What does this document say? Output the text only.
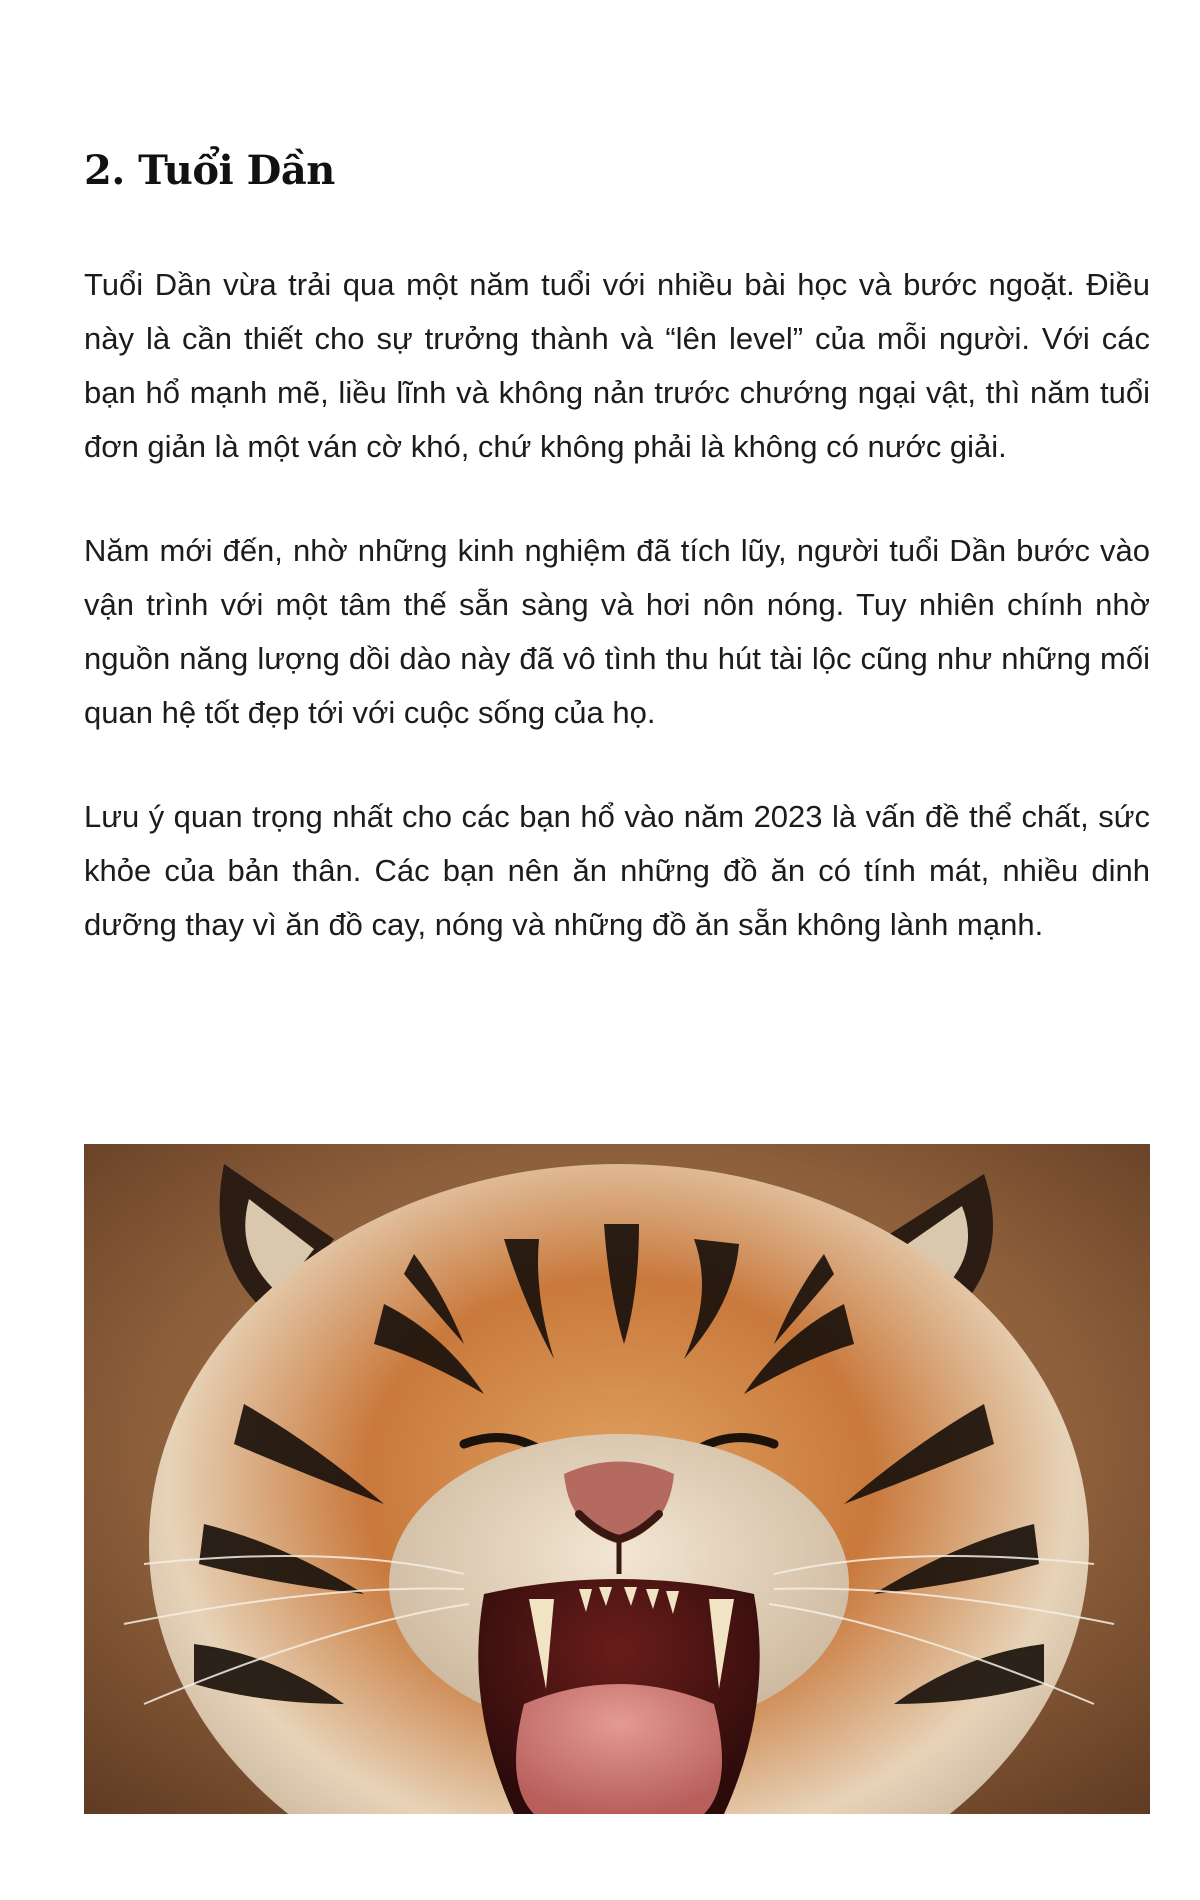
2. Tuổi Dần

Tuổi Dần vừa trải qua một năm tuổi với nhiều bài học và bước ngoặt. Điều này là cần thiết cho sự trưởng thành và “lên level” của mỗi người. Với các bạn hổ mạnh mẽ, liều lĩnh và không nản trước chướng ngại vật, thì năm tuổi đơn giản là một ván cờ khó, chứ không phải là không có nước giải.

Năm mới đến, nhờ những kinh nghiệm đã tích lũy, người tuổi Dần bước vào vận trình với một tâm thế sẵn sàng và hơi nôn nóng. Tuy nhiên chính nhờ nguồn năng lượng dồi dào này đã vô tình thu hút tài lộc cũng như những mối quan hệ tốt đẹp tới với cuộc sống của họ.

Lưu ý quan trọng nhất cho các bạn hổ vào năm 2023 là vấn đề thể chất, sức khỏe của bản thân. Các bạn nên ăn những đồ ăn có tính mát, nhiều dinh dưỡng thay vì ăn đồ cay, nóng và những đồ ăn sẵn không lành mạnh.
